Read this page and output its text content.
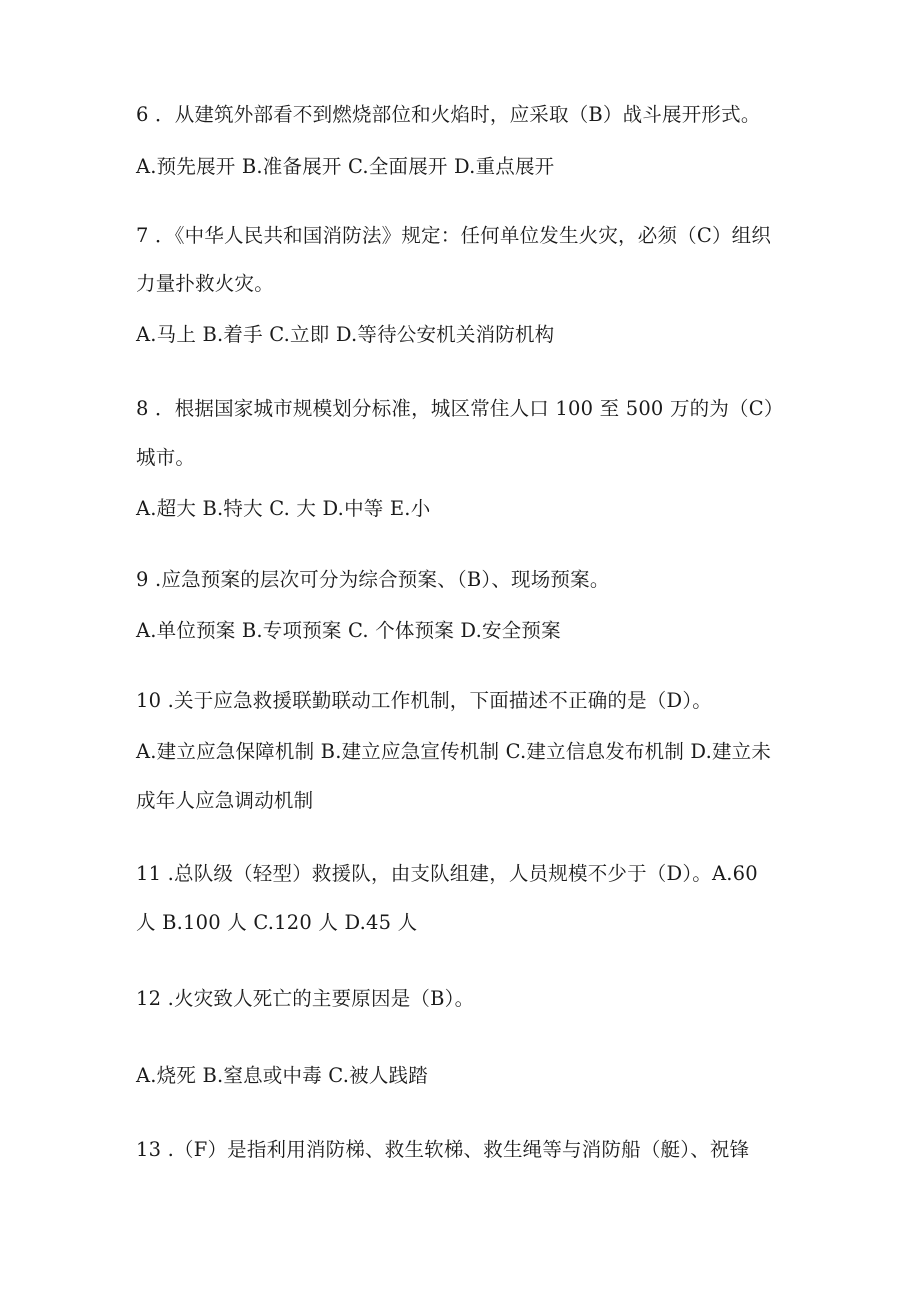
6 ．从建筑外部看不到燃烧部位和火焰时，应采取（B）战斗展开形式。
A.预先展开 B.准备展开 C.全面展开 D.重点展开
7 ．《中华人民共和国消防法》规定：任何单位发生火灾，必须（C）组织
力量扑救火灾。
A.马上 B.着手 C.立即 D.等待公安机关消防机构
8 ．根据国家城市规模划分标准，城区常住人口 100 至 500 万的为（C）
城市。
A.超大 B.特大 C. 大 D.中等 E.小
9 .应急预案的层次可分为综合预案、（B）、现场预案。
A.单位预案 B.专项预案 C. 个体预案 D.安全预案
10 .关于应急救援联勤联动工作机制，下面描述不正确的是（D）。
A.建立应急保障机制 B.建立应急宣传机制 C.建立信息发布机制 D.建立未
成年人应急调动机制
11 .总队级（轻型）救援队，由支队组建，人员规模不少于（D）。A.60
人 B.100 人 C.120 人 D.45 人
12 .火灾致人死亡的主要原因是（B）。
A.烧死 B.窒息或中毒 C.被人践踏
13 .（F）是指利用消防梯、救生软梯、救生绳等与消防船（艇）、祝锋
